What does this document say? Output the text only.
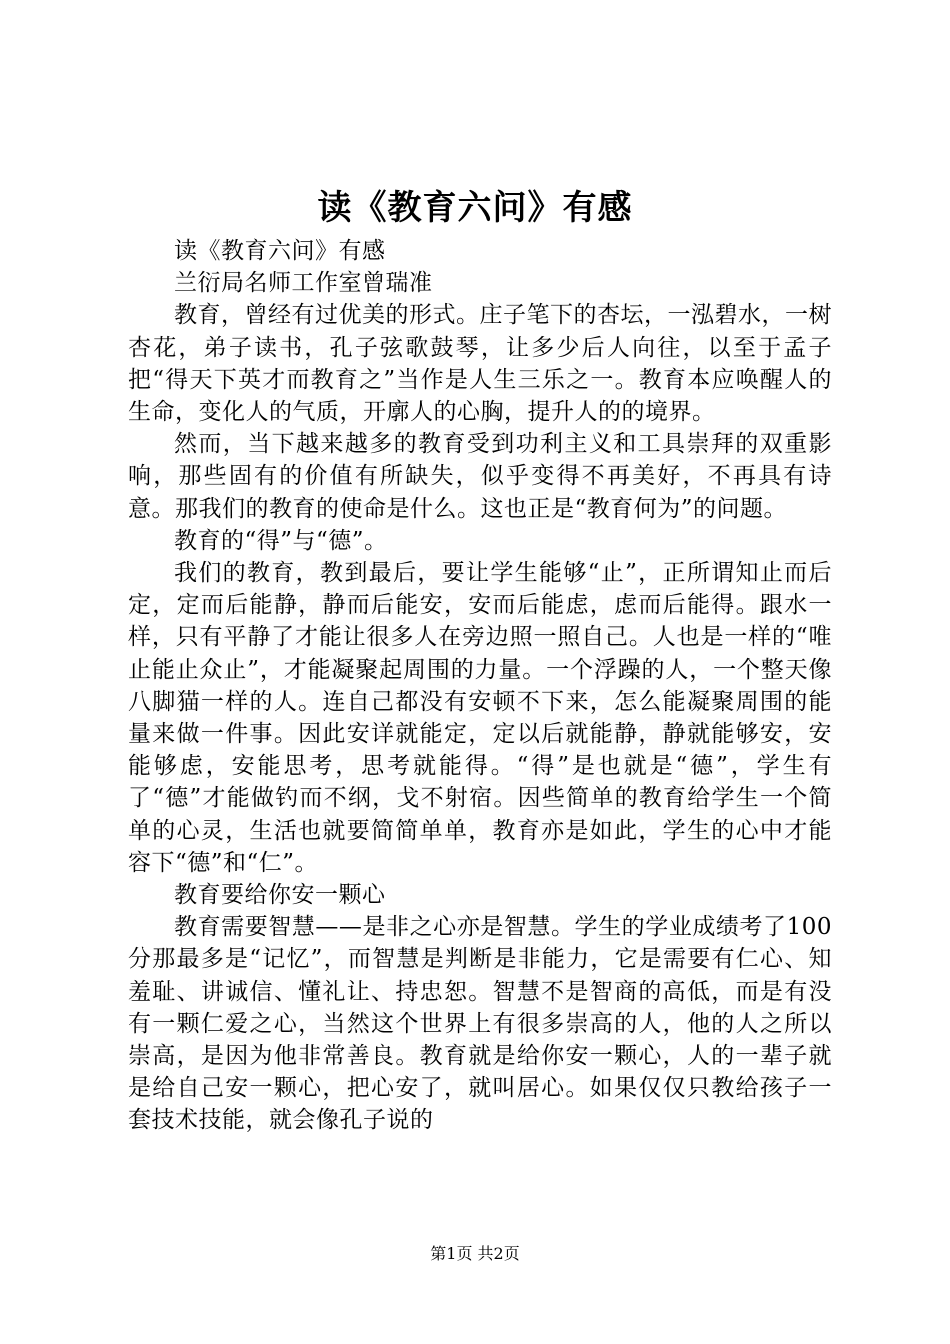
读《教育六问》有感

读《教育六问》有感

兰衍局名师工作室曾瑞准

教育，曾经有过优美的形式。庄子笔下的杏坛，一泓碧水，一树杏花，弟子读书，孔子弦歌鼓琴，让多少后人向往，以至于孟子把“得天下英才而教育之”当作是人生三乐之一。教育本应唤醒人的生命，变化人的气质，开廓人的心胸，提升人的的境界。

然而，当下越来越多的教育受到功利主义和工具崇拜的双重影响，那些固有的价值有所缺失，似乎变得不再美好，不再具有诗意。那我们的教育的使命是什么。这也正是“教育何为”的问题。

教育的“得”与“德”。

我们的教育，教到最后，要让学生能够“止”，正所谓知止而后定，定而后能静，静而后能安，安而后能虑，虑而后能得。跟水一样，只有平静了才能让很多人在旁边照一照自己。人也是一样的“唯止能止众止”，才能凝聚起周围的力量。一个浮躁的人，一个整天像八脚猫一样的人。连自己都没有安顿不下来，怎么能凝聚周围的能量来做一件事。因此安详就能定，定以后就能静，静就能够安，安能够虑，安能思考，思考就能得。“得”是也就是“德”，学生有了“德”才能做钓而不纲，戈不射宿。因些简单的教育给学生一个简单的心灵，生活也就要简简单单，教育亦是如此，学生的心中才能容下“德”和“仁”。

教育要给你安一颗心

教育需要智慧——是非之心亦是智慧。学生的学业成绩考了100分那最多是“记忆”，而智慧是判断是非能力，它是需要有仁心、知羞耻、讲诚信、懂礼让、持忠恕。智慧不是智商的高低，而是有没有一颗仁爱之心，当然这个世界上有很多崇高的人，他的人之所以崇高，是因为他非常善良。教育就是给你安一颗心，人的一辈子就是给自己安一颗心，把心安了，就叫居心。如果仅仅只教给孩子一套技术技能，就会像孔子说的

第1页 共2页
